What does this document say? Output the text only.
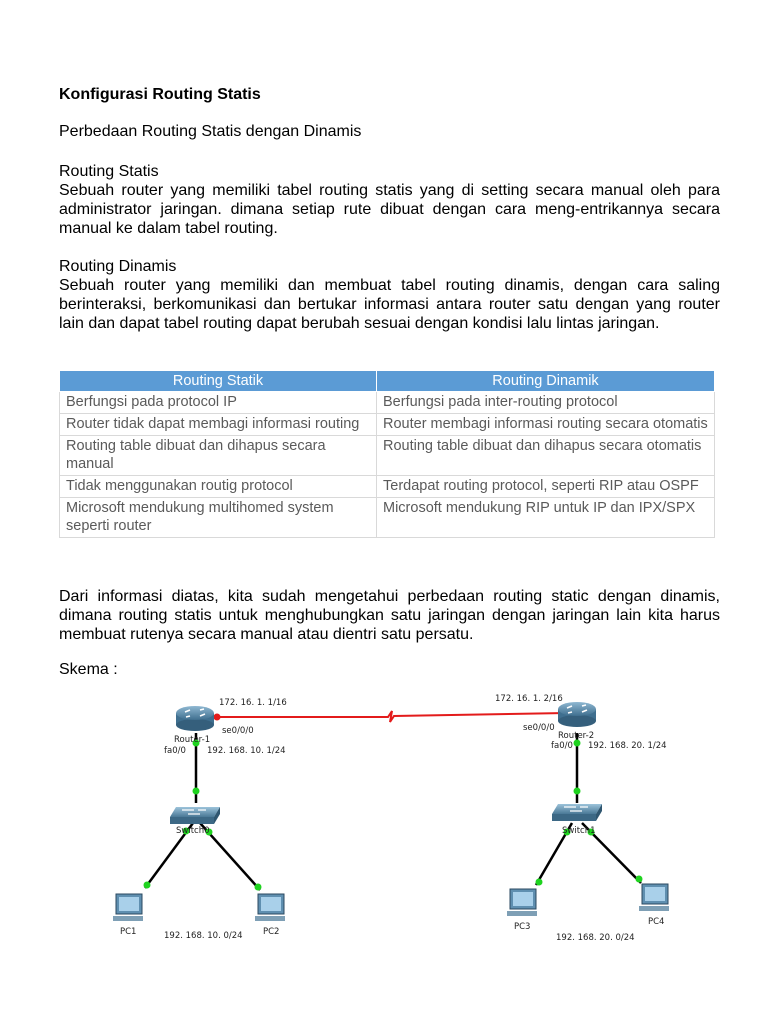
Konfigurasi Routing Statis
Perbedaan Routing Statis dengan Dinamis
Routing Statis
Sebuah router yang memiliki tabel routing statis yang di setting secara manual oleh para administrator jaringan. dimana setiap rute dibuat dengan cara meng-entrikannya secara manual ke dalam tabel routing.
Routing Dinamis
Sebuah router yang memiliki dan membuat tabel routing dinamis, dengan cara saling berinteraksi, berkomunikasi dan bertukar informasi antara router satu dengan yang router lain dan dapat tabel routing dapat berubah sesuai dengan kondisi lalu lintas jaringan.
Routing Statik	Routing Dinamik
Berfungsi pada protocol IP	Berfungsi pada inter-routing protocol
Router tidak dapat membagi informasi routing	Router membagi informasi routing secara otomatis
Routing table dibuat dan dihapus secara manual	Routing table dibuat dan dihapus secara otomatis
Tidak menggunakan routig protocol	Terdapat routing protocol, seperti RIP atau OSPF
Microsoft mendukung multihomed system seperti router	Microsoft mendukung RIP untuk IP dan IPX/SPX
Dari informasi diatas, kita sudah mengetahui perbedaan routing static dengan dinamis, dimana routing statis untuk menghubungkan satu jaringan dengan jaringan lain kita harus membuat rutenya secara manual atau dientri satu persatu.
Skema :
172. 16. 1. 1/16
se0/0/0
Router-1
fa0/0 192. 168. 10. 1/24
172. 16. 1. 2/16
se0/0/0
Router-2
fa0/0 192. 168. 20. 1/24
Switch0	Switch1
PC1	PC2	PC3	PC4
192. 168. 10. 0/24	192. 168. 20. 0/24
